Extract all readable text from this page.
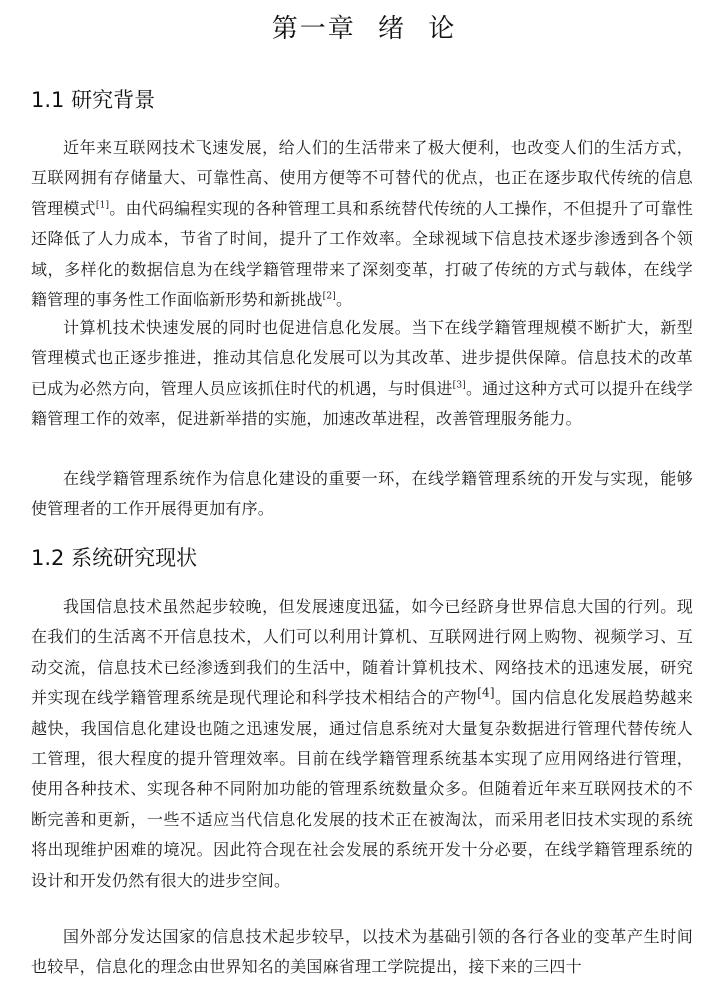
第一章 绪 论
1.1 研究背景

近年来互联网技术飞速发展，给人们的生活带来了极大便利，也改变人们的生活方式，互联网拥有存储量大、可靠性高、使用方便等不可替代的优点，也正在逐步取代传统的信息管理模式[1]。由代码编程实现的各种管理工具和系统替代传统的人工操作，不但提升了可靠性还降低了人力成本，节省了时间，提升了工作效率。全球视域下信息技术逐步渗透到各个领域，多样化的数据信息为在线学籍管理带来了深刻变革，打破了传统的方式与载体，在线学籍管理的事务性工作面临新形势和新挑战[2]。

计算机技术快速发展的同时也促进信息化发展。当下在线学籍管理规模不断扩大，新型管理模式也正逐步推进，推动其信息化发展可以为其改革、进步提供保障。信息技术的改革已成为必然方向，管理人员应该抓住时代的机遇，与时俱进[3]。通过这种方式可以提升在线学籍管理工作的效率，促进新举措的实施，加速改革进程，改善管理服务能力。

在线学籍管理系统作为信息化建设的重要一环，在线学籍管理系统的开发与实现，能够使管理者的工作开展得更加有序。

1.2 系统研究现状

我国信息技术虽然起步较晚，但发展速度迅猛，如今已经跻身世界信息大国的行列。现在我们的生活离不开信息技术，人们可以利用计算机、互联网进行网上购物、视频学习、互动交流，信息技术已经渗透到我们的生活中，随着计算机技术、网络技术的迅速发展，研究并实现在线学籍管理系统是现代理论和科学技术相结合的产物[4]。国内信息化发展趋势越来越快，我国信息化建设也随之迅速发展，通过信息系统对大量复杂数据进行管理代替传统人工管理，很大程度的提升管理效率。目前在线学籍管理系统基本实现了应用网络进行管理，使用各种技术、实现各种不同附加功能的管理系统数量众多。但随着近年来互联网技术的不断完善和更新，一些不适应当代信息化发展的技术正在被淘汰，而采用老旧技术实现的系统将出现维护困难的境况。因此符合现在社会发展的系统开发十分必要，在线学籍管理系统的设计和开发仍然有很大的进步空间。

国外部分发达国家的信息技术起步较早，以技术为基础引领的各行各业的变革产生时间也较早，信息化的理念由世界知名的美国麻省理工学院提出，接下来的三四十
